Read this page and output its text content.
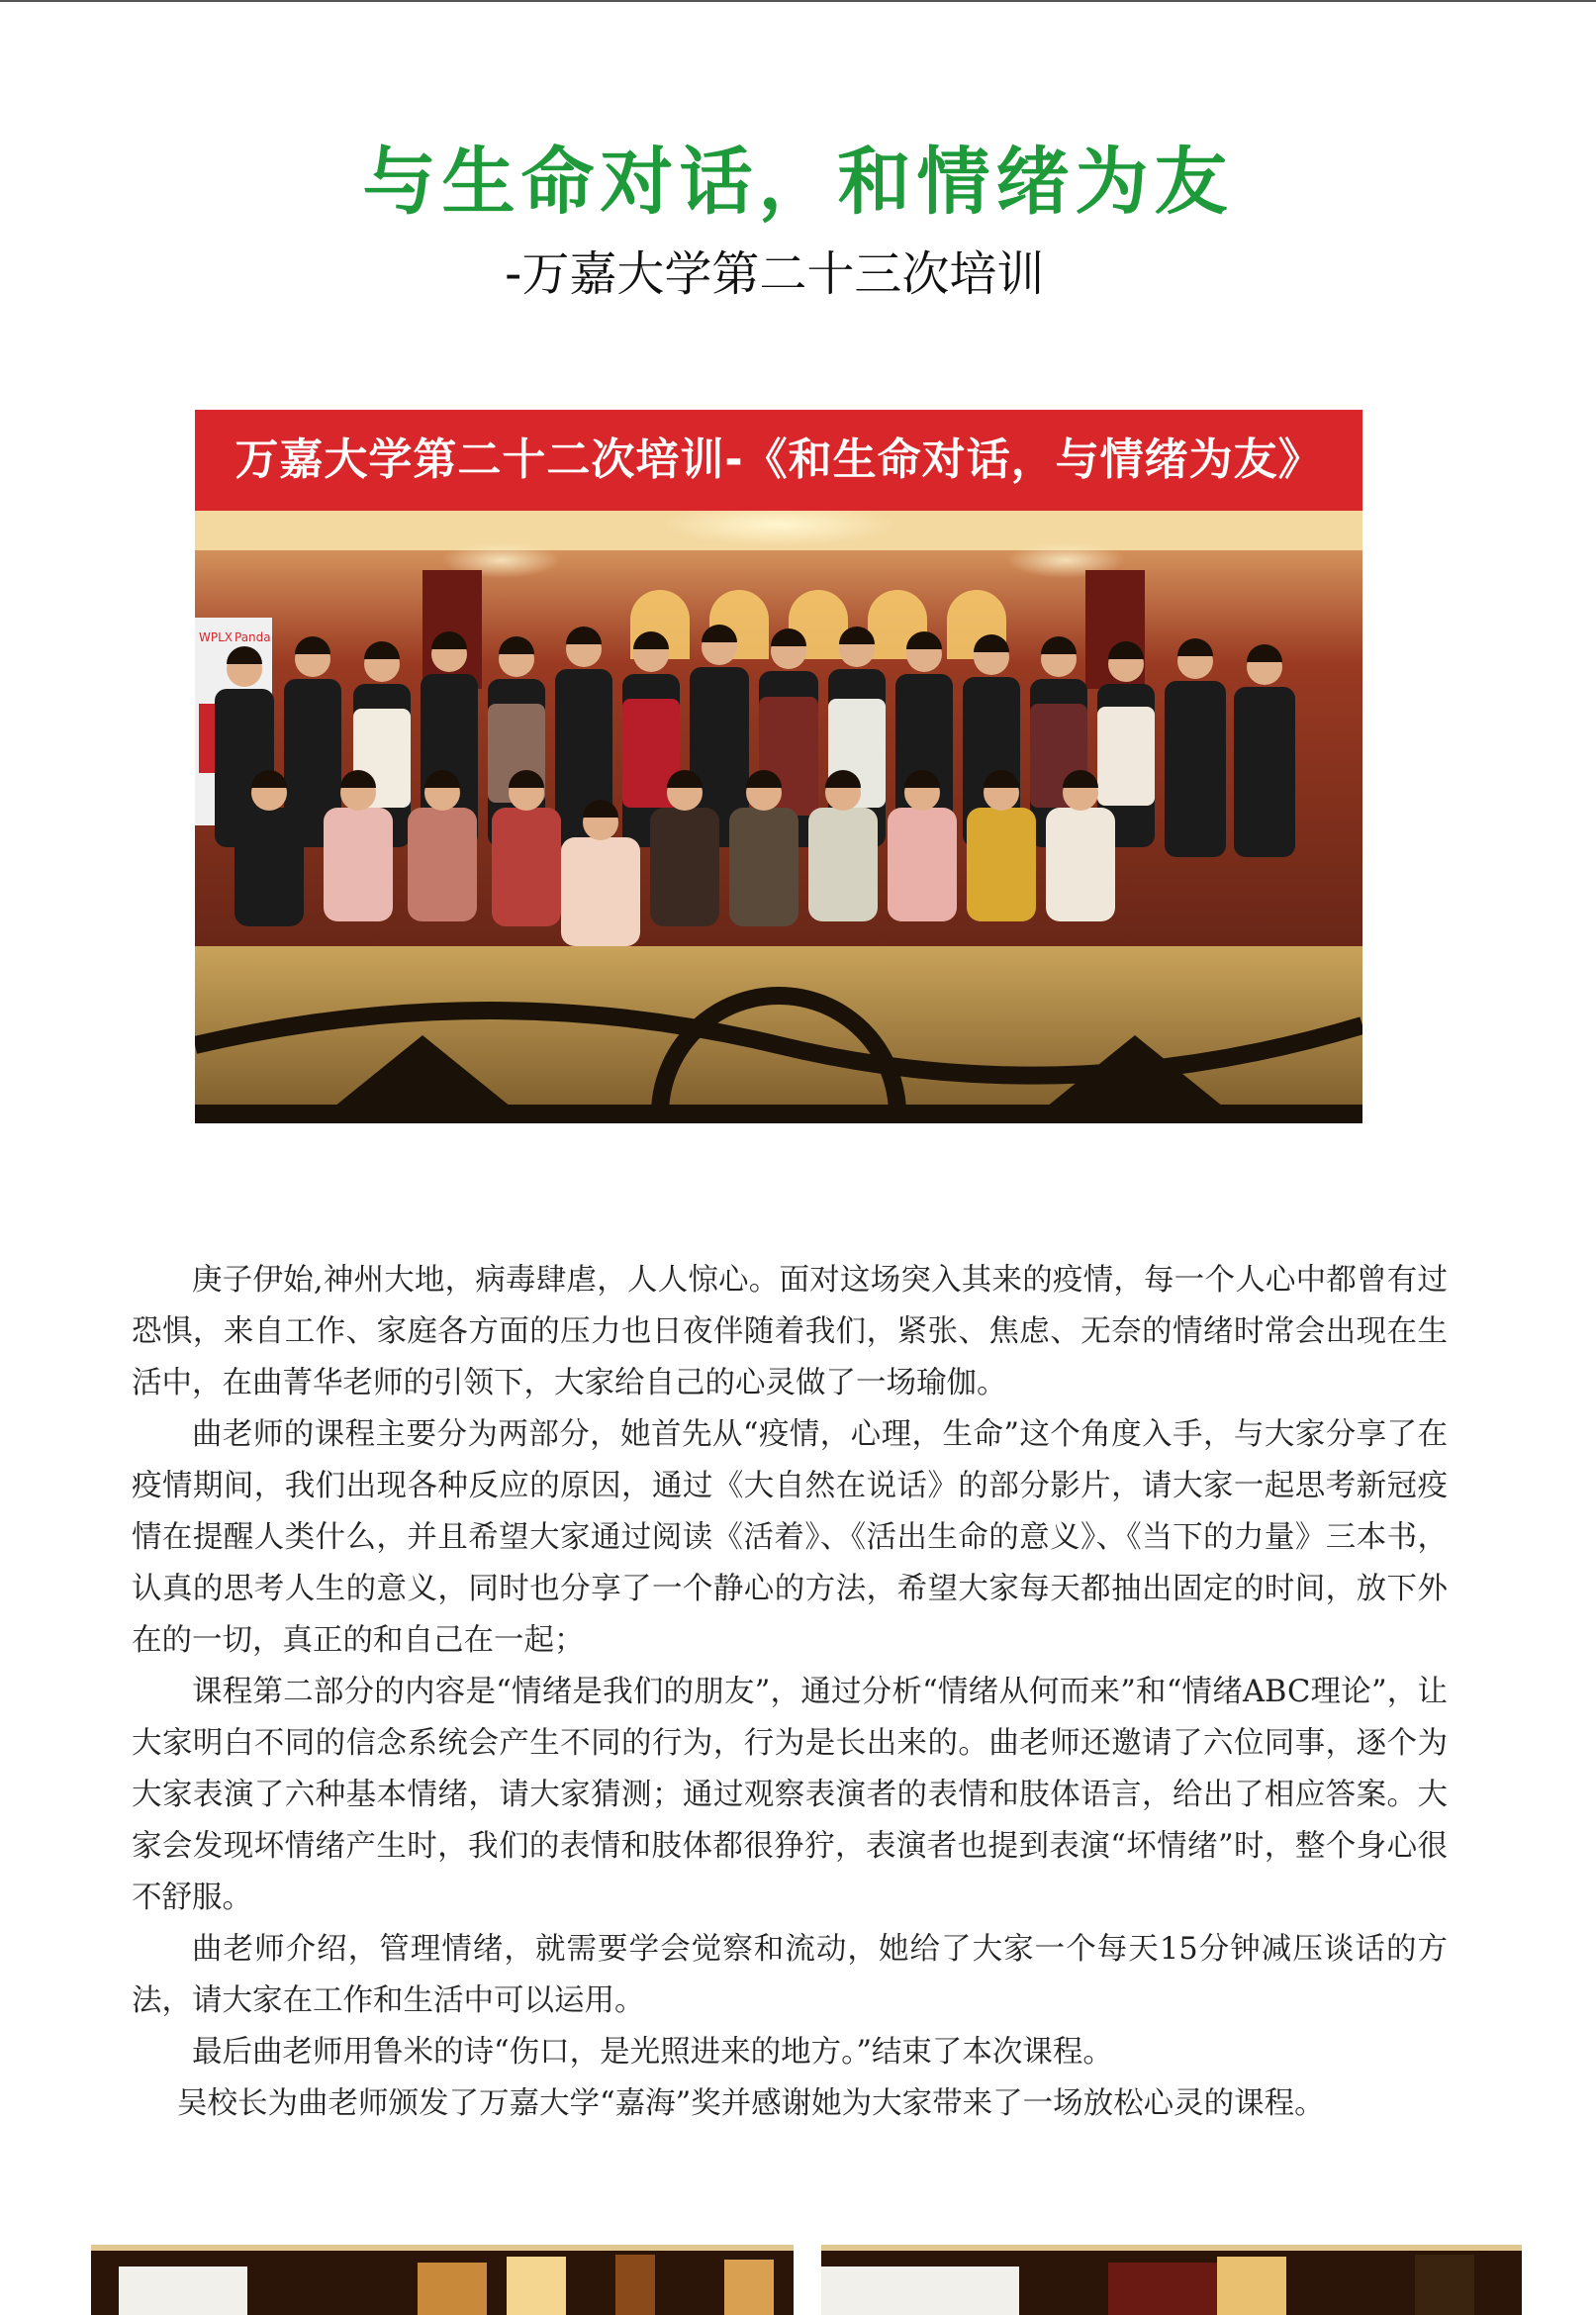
与生命对话，和情绪为友
-万嘉大学第二十三次培训
万嘉大学第二十二次培训-《和生命对话，与情绪为友》
WPLX Panda

庚子伊始,神州大地，病毒肆虐，人人惊心。面对这场突入其来的疫情，每一个人心中都曾有过恐惧，来自工作、家庭各方面的压力也日夜伴随着我们，紧张、焦虑、无奈的情绪时常会出现在生活中，在曲菁华老师的引领下，大家给自己的心灵做了一场瑜伽。

曲老师的课程主要分为两部分，她首先从“疫情，心理，生命”这个角度入手，与大家分享了在疫情期间，我们出现各种反应的原因，通过《大自然在说话》的部分影片，请大家一起思考新冠疫情在提醒人类什么，并且希望大家通过阅读《活着》、《活出生命的意义》、《当下的力量》三本书，认真的思考人生的意义，同时也分享了一个静心的方法，希望大家每天都抽出固定的时间，放下外在的一切，真正的和自己在一起；

课程第二部分的内容是“情绪是我们的朋友”，通过分析“情绪从何而来”和“情绪ABC理论”，让大家明白不同的信念系统会产生不同的行为，行为是长出来的。曲老师还邀请了六位同事，逐个为大家表演了六种基本情绪，请大家猜测；通过观察表演者的表情和肢体语言，给出了相应答案。大家会发现坏情绪产生时，我们的表情和肢体都很狰狞，表演者也提到表演“坏情绪”时，整个身心很不舒服。

曲老师介绍，管理情绪，就需要学会觉察和流动，她给了大家一个每天15分钟减压谈话的方法，请大家在工作和生活中可以运用。

最后曲老师用鲁米的诗“伤口，是光照进来的地方。”结束了本次课程。

吴校长为曲老师颁发了万嘉大学“嘉海”奖并感谢她为大家带来了一场放松心灵的课程。
